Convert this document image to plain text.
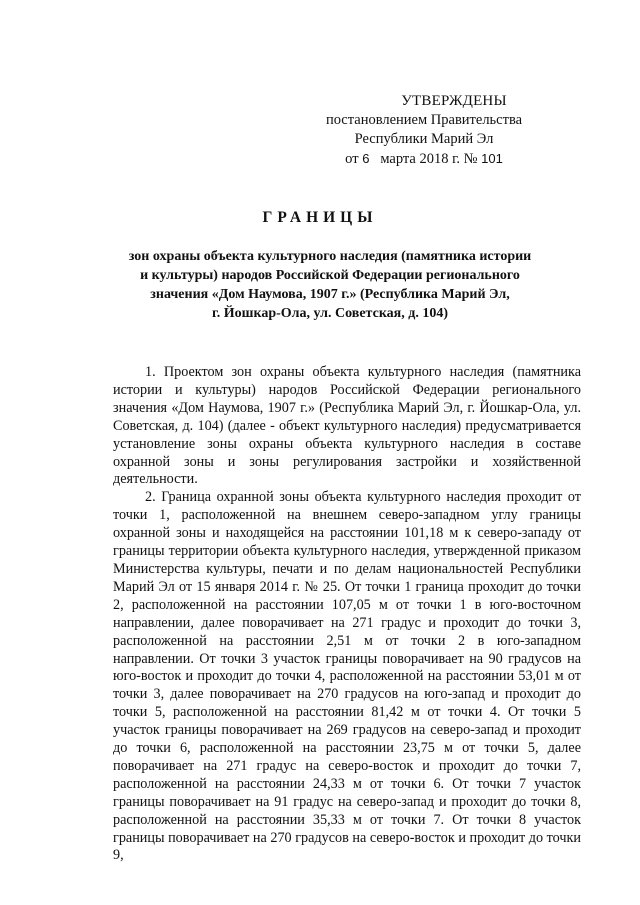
УТВЕРЖДЕНЫ
постановлением Правительства
Республики Марий Эл
от 6 марта 2018 г. № 101
ГРАНИЦЫ
зон охраны объекта культурного наследия (памятника истории
и культуры) народов Российской Федерации регионального
значения «Дом Наумова, 1907 г.» (Республика Марий Эл,
г. Йошкар-Ола, ул. Советская, д. 104)

1. Проектом зон охраны объекта культурного наследия (памятника истории и культуры) народов Российской Федерации регионального значения «Дом Наумова, 1907 г.» (Республика Марий Эл, г. Йошкар-Ола, ул. Советская, д. 104) (далее - объект культурного наследия) предусматривается установление зоны охраны объекта культурного наследия в составе охранной зоны и зоны регулирования застройки и хозяйственной деятельности.

2. Граница охранной зоны объекта культурного наследия проходит от точки 1, расположенной на внешнем северо-западном углу границы охранной зоны и находящейся на расстоянии 101,18 м к северо-западу от границы территории объекта культурного наследия, утвержденной приказом Министерства культуры, печати и по делам национальностей Республики Марий Эл от 15 января 2014 г. № 25. От точки 1 граница проходит до точки 2, расположенной на расстоянии 107,05 м от точки 1 в юго-восточном направлении, далее поворачивает на 271 градус и проходит до точки 3, расположенной на расстоянии 2,51 м от точки 2 в юго-западном направлении. От точки 3 участок границы поворачивает на 90 градусов на юго-восток и проходит до точки 4, расположенной на расстоянии 53,01 м от точки 3, далее поворачивает на 270 градусов на юго-запад и проходит до точки 5, расположенной на расстоянии 81,42 м от точки 4. От точки 5 участок границы поворачивает на 269 градусов на северо-запад и проходит до точки 6, расположенной на расстоянии 23,75 м от точки 5, далее поворачивает на 271 градус на северо-восток и проходит до точки 7, расположенной на расстоянии 24,33 м от точки 6. От точки 7 участок границы поворачивает на 91 градус на северо-запад и проходит до точки 8, расположенной на расстоянии 35,33 м от точки 7. От точки 8 участок границы поворачивает на 270 градусов на северо-восток и проходит до точки 9,
